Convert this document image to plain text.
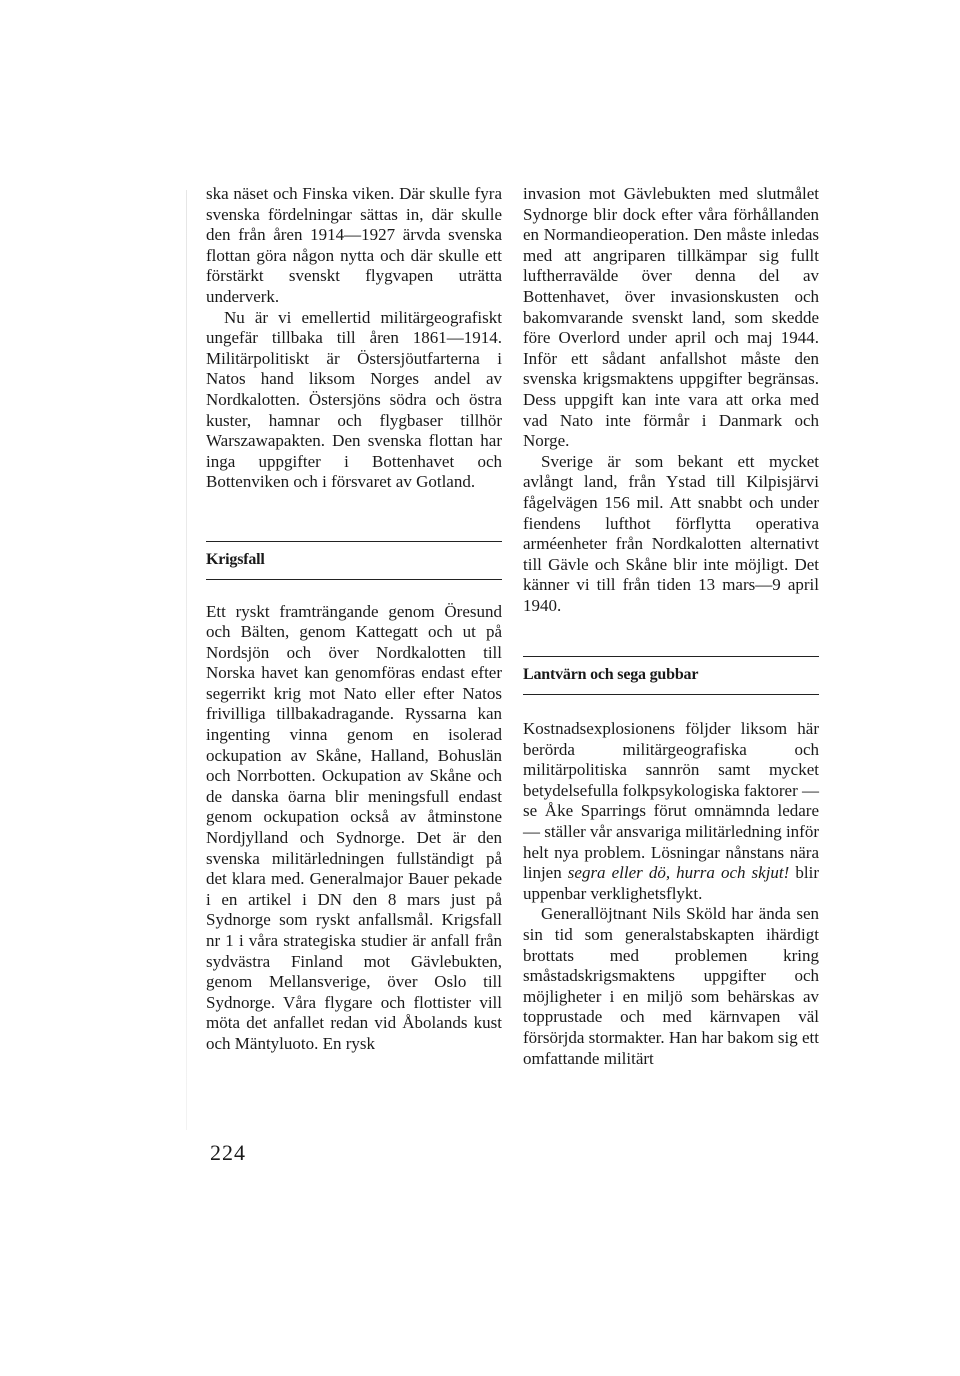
ska näset och Finska viken. Där skulle fyra svenska fördelningar sättas in, där skulle den från åren 1914—1927 ärvda svenska flottan göra någon nytta och där skulle ett förstärkt svenskt flygvapen uträtta underverk.

Nu är vi emellertid militärgeografiskt ungefär tillbaka till åren 1861—1914. Militärpolitiskt är Östersjöutfarterna i Natos hand liksom Norges andel av Nordkalotten. Östersjöns södra och östra kuster, hamnar och flygbaser tillhör Warszawapakten. Den svenska flottan har inga uppgifter i Bottenhavet och Bottenviken och i försvaret av Gotland.

Krigsfall

Ett ryskt framträngande genom Öresund och Bälten, genom Kattegatt och ut på Nordsjön och över Nordkalotten till Norska havet kan genomföras endast efter segerrikt krig mot Nato eller efter Natos frivilliga tillbakadragande. Ryssarna kan ingenting vinna genom en isolerad ockupation av Skåne, Halland, Bohuslän och Norrbotten. Ockupation av Skåne och de danska öarna blir meningsfull endast genom ockupation också av åtminstone Nordjylland och Sydnorge. Det är den svenska militärledningen fullständigt på det klara med. Generalmajor Bauer pekade i en artikel i DN den 8 mars just på Sydnorge som ryskt anfallsmål. Krigsfall nr 1 i våra strategiska studier är anfall från sydvästra Finland mot Gävlebukten, genom Mellansverige, över Oslo till Sydnorge. Våra flygare och flottister vill möta det anfallet redan vid Åbolands kust och Mäntyluoto. En rysk

invasion mot Gävlebukten med slutmålet Sydnorge blir dock efter våra förhållanden en Normandieoperation. Den måste inledas med att angriparen tillkämpar sig fullt luftherravälde över denna del av Bottenhavet, över invasionskusten och bakomvarande svenskt land, som skedde före Overlord under april och maj 1944. Inför ett sådant anfallshot måste den svenska krigsmaktens uppgifter begränsas. Dess uppgift kan inte vara att orka med vad Nato inte förmår i Danmark och Norge.

Sverige är som bekant ett mycket avlångt land, från Ystad till Kilpisjärvi fågelvägen 156 mil. Att snabbt och under fiendens lufthot förflytta operativa arméenheter från Nordkalotten alternativt till Gävle och Skåne blir inte möjligt. Det känner vi till från tiden 13 mars—9 april 1940.

Lantvärn och sega gubbar

Kostnadsexplosionens följder liksom här berörda militärgeografiska och militärpolitiska sannrön samt mycket betydelsefulla folkpsykologiska faktorer — se Åke Sparrings förut omnämnda ledare — ställer vår ansvariga militärledning inför helt nya problem. Lösningar nånstans nära linjen segra eller dö, hurra och skjut! blir uppenbar verklighetsflykt.

Generallöjtnant Nils Sköld har ända sen sin tid som generalstabskapten ihärdigt brottats med problemen kring småstadskrigsmaktens uppgifter och möjligheter i en miljö som behärskas av topprustade och med kärnvapen väl försörjda stormakter. Han har bakom sig ett omfattande militärt

224
